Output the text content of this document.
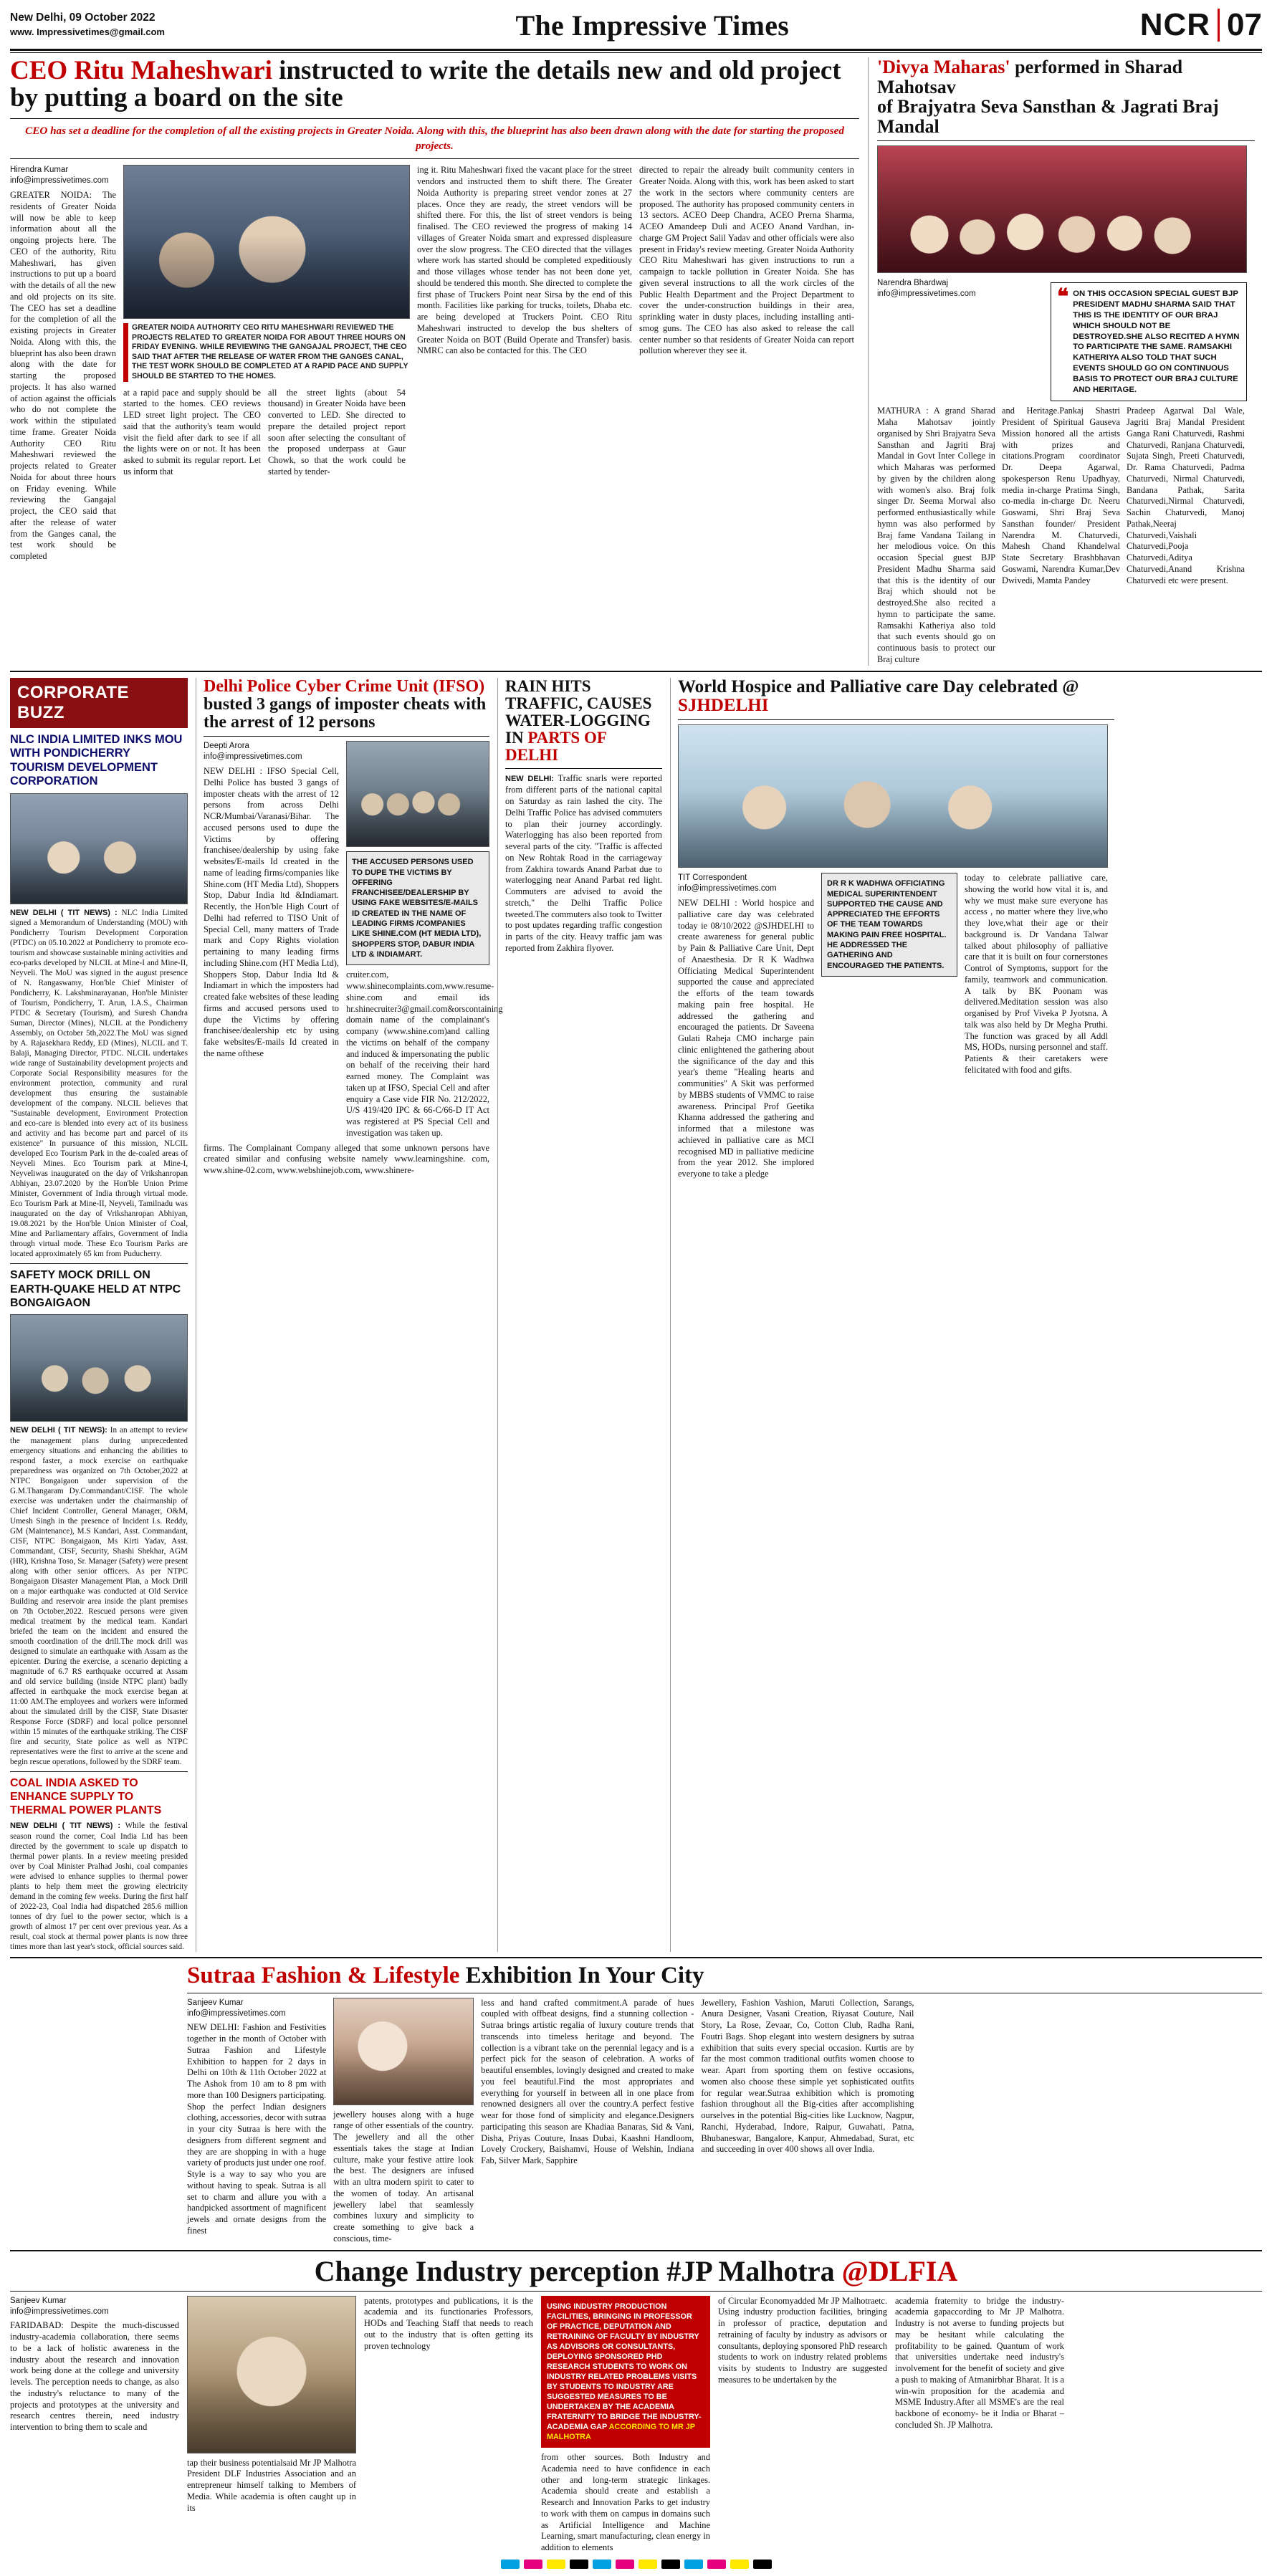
New Delhi, 09 October 2022
www. Impressivetimes@gmail.com	The Impressive Times	NCR 07
CEO Ritu Maheshwari instructed to write the details new and old project by putting a board on the site
CEO has set a deadline for the completion of all the existing projects in Greater Noida. Along with this, the blueprint has also been drawn along with the date for starting the proposed projects.
Hirendra Kumar
info@impressivetimes.com
GREATER NOIDA: The residents of Greater Noida will now be able to keep information about all the ongoing projects here. The CEO of the authority, Ritu Maheshwari, has given instructions to put up a board with the details of all the new and old projects on its site. The CEO has set a deadline for the completion of all the existing projects in Greater Noida. Along with this, the blueprint has also been drawn along with the date for starting the proposed projects. It has also warned of action against the officials who do not complete the work within the stipulated time frame. Greater Noida Authority CEO Ritu Maheshwari reviewed the projects related to Greater Noida for about three hours on Friday evening. While reviewing the Gangajal project, the CEO said that after the release of water from the Ganges canal, the test work should be completed
GREATER NOIDA AUTHORITY CEO RITU MAHESHWARI REVIEWED THE PROJECTS RELATED TO GREATER NOIDA FOR ABOUT THREE HOURS ON FRIDAY EVENING. WHILE REVIEWING THE GANGAJAL PROJECT, THE CEO SAID THAT AFTER THE RELEASE OF WATER FROM THE GANGES CANAL, THE TEST WORK SHOULD BE COMPLETED AT A RAPID PACE AND SUPPLY SHOULD BE STARTED TO THE HOMES.
at a rapid pace and supply should be started to the homes. CEO reviews LED street light project. The CEO said that the authority's team would visit the field after dark to see if all the lights were on or not. It has been asked to submit its regular report. Let us inform that
all the street lights (about 54 thousand) in Greater Noida have been converted to LED. She directed to prepare the detailed project report soon after selecting the consultant of the proposed underpass at Gaur Chowk, so that the work could be started by tender-
ing it. Ritu Maheshwari fixed the vacant place for the street vendors and instructed them to shift there. The Greater Noida Authority is preparing street vendor zones at 27 places. Once they are ready, the street vendors will be shifted there. For this, the list of street vendors is being finalised. The CEO reviewed the progress of making 14 villages of Greater Noida smart and expressed displeasure over the slow progress. The CEO directed that the villages where work has started should be completed expeditiously and those villages whose tender has not been done yet, should be tendered this month. She directed to complete the first phase of Truckers Point near Sirsa by the end of this month. Facilities like parking for trucks, toilets, Dhaba etc. are being developed at Truckers Point. CEO Ritu Maheshwari instructed to develop the bus shelters of Greater Noida on BOT (Build Operate and Transfer) basis. NMRC can also be contacted for this. The CEO
directed to repair the already built community centers in Greater Noida. Along with this, work has been asked to start the work in the sectors where community centers are proposed. The authority has proposed community centers in 13 sectors. ACEO Deep Chandra, ACEO Prerna Sharma, ACEO Amandeep Duli and ACEO Anand Vardhan, in-charge GM Project Salil Yadav and other officials were also present in Friday's review meeting. Greater Noida Authority CEO Ritu Maheshwari has given instructions to run a campaign to tackle pollution in Greater Noida. She has given several instructions to all the work circles of the Public Health Department and the Project Department to cover the under-construction buildings in their area, sprinkling water in dusty places, including installing anti-smog guns. The CEO has also asked to release the call center number so that residents of Greater Noida can report pollution wherever they see it.
'Divya Maharas' performed in Sharad Mahotsav
of Brajyatra Seva Sansthan & Jagrati Braj Mandal
Narendra Bhardwaj
info@impressivetimes.com	❝ ON THIS OCCASION SPECIAL GUEST BJP PRESIDENT MADHU SHARMA SAID THAT THIS IS THE IDENTITY OF OUR BRAJ WHICH SHOULD NOT BE DESTROYED.SHE ALSO RECITED A HYMN TO PARTICIPATE THE SAME. RAMSAKHI KATHERIYA ALSO TOLD THAT SUCH EVENTS SHOULD GO ON CONTINUOUS BASIS TO PROTECT OUR BRAJ CULTURE AND HERITAGE.
MATHURA : A grand Sharad Maha Mahotsav jointly organised by Shri Brajyatra Seva Sansthan and Jagriti Braj Mandal in Govt Inter College in which Maharas was performed by given by the children along with women's also. Braj folk singer Dr. Seema Morwal also performed enthusiastically while hymn was also performed by Braj fame Vandana Tailang in her melodious voice. On this occasion Special guest BJP President Madhu Sharma said that this is the identity of our Braj which should not be destroyed.She also recited a hymn to participate the same. Ramsakhi Katheriya also told that such events should go on continuous basis to protect our Braj culture
and Heritage.Pankaj Shastri President of Spiritual Gauseva Mission honored all the artists with prizes and citations.Program coordinator Dr. Deepa Agarwal, spokesperson Renu Upadhyay, media in-charge Pratima Singh, co-media in-charge Dr. Neeru Goswami, Shri Braj Seva Sansthan founder/ President Narendra M. Chaturvedi, Mahesh Chand Khandelwal State Secretary Brashbhavan Goswami, Narendra Kumar,Dev Dwivedi, Mamta Pandey
Pradeep Agarwal Dal Wale, Jagriti Braj Mandal President Ganga Rani Chaturvedi, Rashmi Chaturvedi, Ranjana Chaturvedi, Sujata Singh, Preeti Chaturvedi, Dr. Rama Chaturvedi, Padma Chaturvedi, Nirmal Chaturvedi, Bandana Pathak, Sarita Chaturvedi,Nirmal Chaturvedi, Sachin Chaturvedi, Manoj Pathak,Neeraj Chaturvedi,Vaishali Chaturvedi,Pooja Chaturvedi,Aditya Chaturvedi,Anand Krishna Chaturvedi etc were present.
CORPORATE BUZZ
NLC INDIA LIMITED INKS MOU WITH PONDICHERRY TOURISM DEVELOPMENT CORPORATION
NEW DELHI ( TIT NEWS) : NLC India Limited signed a Memorandum of Understanding (MOU) with Pondicherry Tourism Development Corporation (PTDC) on 05.10.2022 at Pondicherry to promote eco-tourism and showcase sustainable mining activities and eco-parks developed by NLCIL at Mine-I and Mine-II, Neyveli. The MoU was signed in the august presence of N. Rangaswamy, Hon'ble Chief Minister of Pondicherry, K. Lakshminarayanan, Hon'ble Minister of Tourism, Pondicherry, T. Arun, I.A.S., Chairman PTDC & Secretary (Tourism), and Suresh Chandra Suman, Director (Mines), NLCIL at the Pondicherry Assembly, on October 5th,2022.The MoU was signed by A. Rajasekhara Reddy, ED (Mines), NLCIL and T. Balaji, Managing Director, PTDC. NLCIL undertakes wide range of Sustainability development projects and Corporate Social Responsibility measures for the environment protection, community and rural development thus ensuring the sustainable development of the company. NLCIL believes that "Sustainable development, Environment Protection and eco-care is blended into every act of its business and activity and has become part and parcel of its existence" In pursuance of this mission, NLCIL developed Eco Tourism Park in the de-coaled areas of Neyveli Mines. Eco Tourism park at Mine-I, Neyveliwas inaugurated on the day of Vrikshanropan Abhiyan, 23.07.2020 by the Hon'ble Union Prime Minister, Government of India through virtual mode. Eco Tourism Park at Mine-II, Neyveli, Tamilnadu was inaugurated on the day of Vrikshanropan Abhiyan, 19.08.2021 by the Hon'ble Union Minister of Coal, Mine and Parliamentary affairs, Government of India through virtual mode. These Eco Tourism Parks are located approximately 65 km from Puducherry.
SAFETY MOCK DRILL ON EARTH-QUAKE HELD AT NTPC BONGAIGAON
NEW DELHI ( TIT NEWS): In an attempt to review the management plans during unprecedented emergency situations and enhancing the abilities to respond faster, a mock exercise on earthquake preparedness was organized on 7th October,2022 at NTPC Bongaigaon under supervision of the G.M.Thangaram Dy.Commandant/CISF. The whole exercise was undertaken under the chairmanship of Chief Incident Controller, General Manager, O&M, Umesh Singh in the presence of Incident I.s. Reddy, GM (Maintenance), M.S Kandari, Asst. Commandant, CISF, NTPC Bongaigaon, Ms Kirti Yadav, Asst. Commandant, CISF, Security, Shashi Shekhar, AGM (HR), Krishna Toso, Sr. Manager (Safety) were present along with other senior officers. As per NTPC Bongaigaon Disaster Management Plan, a Mock Drill on a major earthquake was conducted at Old Service Building and reservoir area inside the plant premises on 7th October,2022. Rescued persons were given medical treatment by the medical team. Kandari briefed the team on the incident and ensured the smooth coordination of the drill.The mock drill was designed to simulate an earthquake with Assam as the epicenter. During the exercise, a scenario depicting a magnitude of 6.7 RS earthquake occurred at Assam and old service building (inside NTPC plant) badly affected in earthquake the mock exercise began at 11:00 AM.The employees and workers were informed about the simulated drill by the CISF, State Disaster Response Force (SDRF) and local police personnel within 15 minutes of the earthquake striking. The CISF fire and security, State police as well as NTPC representatives were the first to arrive at the scene and begin rescue operations, followed by the SDRF team.
COAL INDIA ASKED TO ENHANCE SUPPLY TO THERMAL POWER PLANTS
NEW DELHI ( TIT NEWS) : While the festival season round the corner, Coal India Ltd has been directed by the government to scale up dispatch to thermal power plants. In a review meeting presided over by Coal Minister Pralhad Joshi, coal companies were advised to enhance supplies to thermal power plants to help them meet the growing electricity demand in the coming few weeks. During the first half of 2022-23, Coal India had dispatched 285.6 million tonnes of dry fuel to the power sector, which is a growth of almost 17 per cent over previous year. As a result, coal stock at thermal power plants is now three times more than last year's stock, official sources said.
Delhi Police Cyber Crime Unit (IFSO) busted 3 gangs of imposter cheats with the arrest of 12 persons
Deepti Arora
info@impressivetimes.com
NEW DELHI : IFSO Special Cell, Delhi Police has busted 3 gangs of imposter cheats with the arrest of 12 persons from across Delhi NCR/Mumbai/Varanasi/Bihar. The accused persons used to dupe the Victims by offering franchisee/dealership by using fake websites/E-mails Id created in the name of leading firms/companies like Shine.com (HT Media Ltd), Shoppers Stop, Dabur India ltd &Indiamart. Recently, the Hon'ble High Court of Delhi had referred to TISO Unit of Special Cell, many matters of Trade mark and Copy Rights violation pertaining to many leading firms including Shine.com (HT Media Ltd), Shoppers Stop, Dabur India ltd & Indiamart in which the imposters had created fake websites of these leading firms and accused persons used to dupe the Victims by offering franchisee/dealership etc by using fake websites/E-mails Id created in the name ofthese
THE ACCUSED PERSONS USED TO DUPE THE VICTIMS BY OFFERING FRANCHISEE/DEALERSHIP BY USING FAKE WEBSITES/E-MAILS ID CREATED IN THE NAME OF LEADING FIRMS /COMPANIES LIKE SHINE.COM (HT MEDIA LTD), SHOPPERS STOP, DABUR INDIA LTD & INDIAMART.
cruiter.com, www.shinecomplaints.com,www.resume-shine.com and email ids hr.shinecruiter3@gmail.com&orscontaining domain name of the complainant's company (www.shine.com)and calling the victims on behalf of the company and induced & impersonating the public on behalf of the receiving their hard earned money. The Complaint was taken up at IFSO, Special Cell and after enquiry a Case vide FIR No. 212/2022, U/S 419/420 IPC & 66-C/66-D IT Act was registered at PS Special Cell and investigation was taken up.
firms. The Complainant Company alleged that some unknown persons have created similar and confusing website namely www.learningshine. com, www.shine-02.com, www.webshinejob.com, www.shinere-
RAIN HITS TRAFFIC, CAUSES WATER-LOGGING IN PARTS OF DELHI
NEW DELHI: Traffic snarls were reported from different parts of the national capital on Saturday as rain lashed the city. The Delhi Traffic Police has advised commuters to plan their journey accordingly. Waterlogging has also been reported from several parts of the city. "Traffic is affected on New Rohtak Road in the carriageway from Zakhira towards Anand Parbat due to waterlogging near Anand Parbat red light. Commuters are advised to avoid the stretch," the Delhi Traffic Police tweeted.The commuters also took to Twitter to post updates regarding traffic congestion in parts of the city. Heavy traffic jam was reported from Zakhira flyover.
World Hospice and Palliative care Day celebrated @ SJHDELHI
TIT Correspondent
info@impressivetimes.com
NEW DELHI : World hospice and palliative care day was celebrated today ie 08/10/2022 @SJHDELHI to create awareness for general public by Pain & Palliative Care Unit, Dept of Anaesthesia. Dr R K Wadhwa Officiating Medical Superintendent supported the cause and appreciated the efforts of the team towards making pain free hospital. He addressed the gathering and encouraged the patients. Dr Saveena Gulati Raheja CMO incharge pain clinic enlightened the gathering about the significance of the day and this year's theme "Healing hearts and communities" A Skit was performed by MBBS students of VMMC to raise awareness. Principal Prof Geetika Khanna addressed the gathering and informed that a milestone was achieved in palliative care as MCI recognised MD in palliative medicine from the year 2012. She implored everyone to take a pledge
DR R K WADHWA OFFICIATING MEDICAL SUPERINTENDENT SUPPORTED THE CAUSE AND APPRECIATED THE EFFORTS OF THE TEAM TOWARDS MAKING PAIN FREE HOSPITAL. HE ADDRESSED THE GATHERING AND ENCOURAGED THE PATIENTS.
today to celebrate palliative care, showing the world how vital it is, and why we must make sure everyone has access , no matter where they live,who they love,what their age or their background is. Dr Vandana Talwar talked about philosophy of palliative care that it is built on four cornerstones Control of Symptoms, support for the family, teamwork and communication. A talk by BK Poonam was delivered.Meditation session was also organised by Prof Viveka P Jyotsna. A talk was also held by Dr Megha Pruthi. The function was graced by all Addl MS, HODs, nursing personnel and staff. Patients & their caretakers were felicitated with food and gifts.
Sutraa Fashion & Lifestyle Exhibition In Your City
Sanjeev Kumar
info@impressivetimes.com
NEW DELHI: Fashion and Festivities together in the month of October with Sutraa Fashion and Lifestyle Exhibition to happen for 2 days in Delhi on 10th & 11th October 2022 at The Ashok from 10 am to 8 pm with more than 100 Designers participating. Shop the perfect Indian designers clothing, accessories, decor with sutraa in your city Sutraa is here with the designers from different segment and they are are shopping in with a huge variety of products just under one roof. Style is a way to say who you are without having to speak. Sutraa is all set to charm and allure you with a handpicked assortment of magnificent jewels and ornate designs from the finest
jewellery houses along with a huge range of other essentials of the country. The jewellery and all the other essentials takes the stage at Indian culture, make your festive attire look the best. The designers are infused with an ultra modern spirit to cater to the women of today. An artisanal jewellery label that seamlessly combines luxury and simplicity to create something to give back a conscious, time-
less and hand crafted commitment.A parade of hues coupled with offbeat designs, find a stunning collection - Sutraa brings artistic regalia of luxury couture trends that transcends into timeless heritage and beyond. The collection is a vibrant take on the perennial legacy and is a perfect pick for the season of celebration. A works of beautiful ensembles, lovingly designed and created to make you feel beautiful.Find the most appropriates and everything for yourself in between all in one place from renowned designers all over the country.A perfect festive wear for those fond of simplicity and elegance.Designers participating this season are Khadiaa Banaras, Sid & Vani, Disha, Priyas Couture, Inaas Dubai, Kaashni Handloom, Lovely Crockery, Baishamvi, House of Welshin, Indiana Fab, Silver Mark, Sapphire
Jewellery, Fashion Vashion, Maruti Collection, Sarangs, Anura Designer, Vasani Creation, Riyasat Couture, Nail Story, La Rose, Zevaar, Co, Cotton Club, Radha Rani, Foutri Bags. Shop elegant into western designers by sutraa exhibition that suits every special occasion. Kurtis are by far the most common traditional outfits women choose to wear. Apart from sporting them on festive occasions, women also choose these simple yet sophisticated outfits for regular wear.Sutraa exhibition which is promoting fashion throughout all the Big-cities after accomplishing ourselves in the potential Big-cities like Lucknow, Nagpur, Ranchi, Hyderabad, Indore, Raipur, Guwahati, Patna, Bhubaneswar, Bangalore, Kanpur, Ahmedabad, Surat, etc and succeeding in over 400 shows all over India.
Change Industry perception #JP Malhotra @DLFIA
Sanjeev Kumar
info@impressivetimes.com
FARIDABAD: Despite the much-discussed industry-academia collaboration, there seems to be a lack of holistic awareness in the industry about the research and innovation work being done at the college and university levels. The perception needs to change, as also the industry's reluctance to many of the projects and prototypes at the university and research centres therein, need industry intervention to bring them to scale and
tap their business potentialsaid Mr JP Malhotra President DLF Industries Association and an entrepreneur himself talking to Members of Media. While academia is often caught up in its
patents, prototypes and publications, it is the academia and its functionaries Professors, HODs and Teaching Staff that needs to reach out to the industry that is often getting its proven technology
USING INDUSTRY PRODUCTION FACILITIES, BRINGING IN PROFESSOR OF PRACTICE, DEPUTATION AND RETRAINING OF FACULTY BY INDUSTRY AS ADVISORS OR CONSULTANTS, DEPLOYING SPONSORED PHD RESEARCH STUDENTS TO WORK ON INDUSTRY RELATED PROBLEMS VISITS BY STUDENTS TO INDUSTRY ARE SUGGESTED MEASURES TO BE UNDERTAKEN BY THE ACADEMIA FRATERNITY TO BRIDGE THE INDUSTRY-ACADEMIA GAP ACCORDING TO MR JP MALHOTRA
from other sources. Both Industry and Academia need to have confidence in each other and long-term strategic linkages. Academia should create and establish a Research and Innovation Parks to get industry to work with them on campus in domains such as Artificial Intelligence and Machine Learning, smart manufacturing, clean energy in addition to elements
of Circular Economyadded Mr JP Malhotraetc. Using industry production facilities, bringing in professor of practice, deputation and retraining of faculty by industry as advisors or consultants, deploying sponsored PhD research students to work on industry related problems visits by students to Industry are suggested measures to be undertaken by the
academia fraternity to bridge the industry-academia gapaccording to Mr JP Malhotra. Industry is not averse to funding projects but may be hesitant while calculating the profitability to be gained. Quantum of work that universities undertake need industry's involvement for the benefit of society and give a push to making of Atmanirbhar Bharat. It is a win-win proposition for the academia and MSME Industry.After all MSME's are the real backbone of economy- be it India or Bharat – concluded Sh. JP Malhotra.
